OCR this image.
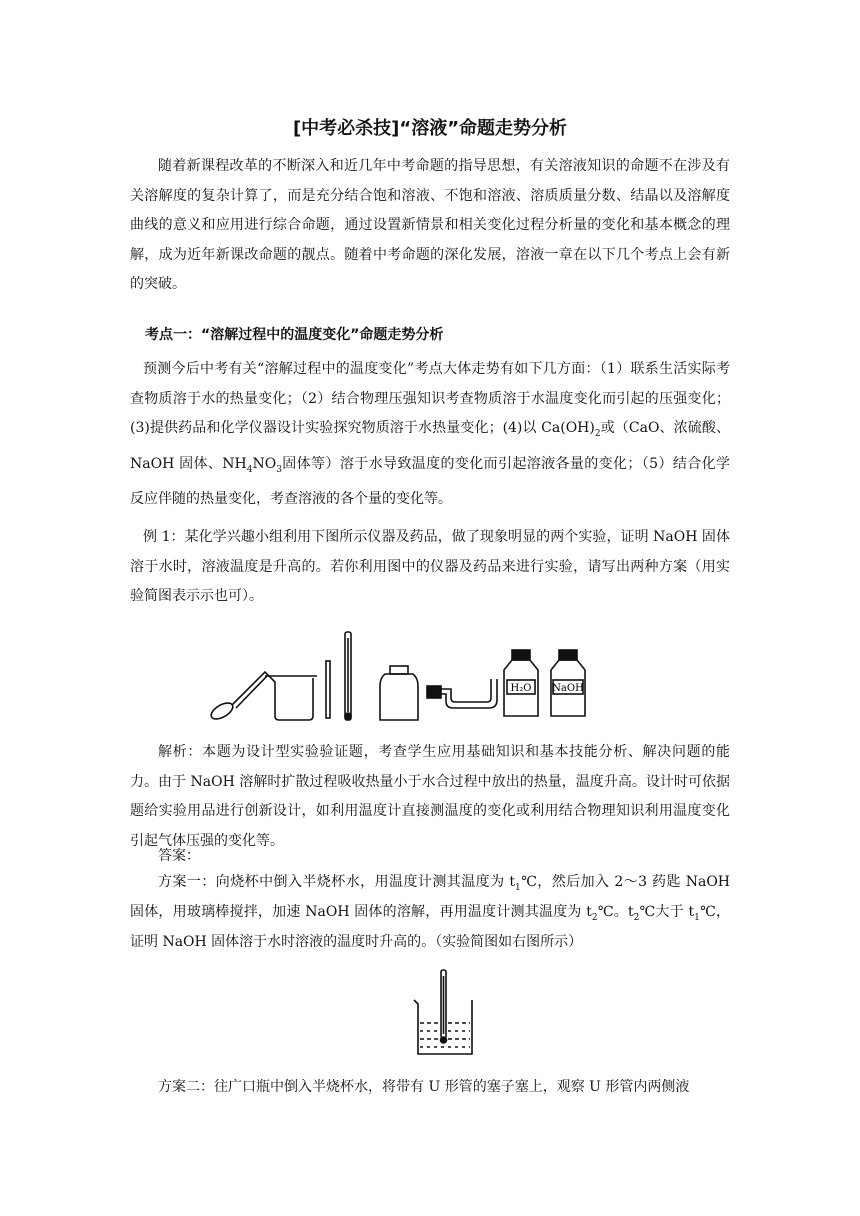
[中考必杀技]“溶液”命题走势分析

随着新课程改革的不断深入和近几年中考命题的指导思想，有关溶液知识的命题不在涉及有关溶解度的复杂计算了，而是充分结合饱和溶液、不饱和溶液、溶质质量分数、结晶以及溶解度曲线的意义和应用进行综合命题，通过设置新情景和相关变化过程分析量的变化和基本概念的理解，成为近年新课改命题的靓点。随着中考命题的深化发展，溶液一章在以下几个考点上会有新的突破。

考点一：“溶解过程中的温度变化”命题走势分析

预测今后中考有关“溶解过程中的温度变化”考点大体走势有如下几方面：（1）联系生活实际考查物质溶于水的热量变化；（2）结合物理压强知识考查物质溶于水温度变化而引起的压强变化；(3)提供药品和化学仪器设计实验探究物质溶于水热量变化；(4)以 $Ca(OH)_2$或（CaO、浓硫酸、NaOH 固体、$NH_4NO_3$固体等）溶于水导致温度的变化而引起溶液各量的变化；（5）结合化学反应伴随的热量变化，考查溶液的各个量的变化等。

例 1：某化学兴趣小组利用下图所示仪器及药品，做了现象明显的两个实验，证明 NaOH 固体溶于水时，溶液温度是升高的。若你利用图中的仪器及药品来进行实验，请写出两种方案（用实验简图表示示也可）。

H₂O NaOH

解析：本题为设计型实验验证题，考查学生应用基础知识和基本技能分析、解决问题的能力。由于 NaOH 溶解时扩散过程吸收热量小于水合过程中放出的热量，温度升高。设计时可依据题给实验用品进行创新设计，如利用温度计直接测温度的变化或利用结合物理知识利用温度变化引起气体压强的变化等。

答案：

方案一：向烧杯中倒入半烧杯水，用温度计测其温度为 $t_1℃$，然后加入 2～3 药匙 NaOH 固体，用玻璃棒搅拌，加速 NaOH 固体的溶解，再用温度计测其温度为 $t_2℃$。$t_2℃$大于 $t_1℃$，证明 NaOH 固体溶于水时溶液的温度时升高的。（实验简图如右图所示）

方案二：往广口瓶中倒入半烧杯水，将带有 U 形管的塞子塞上，观察 U 形管内两侧液
